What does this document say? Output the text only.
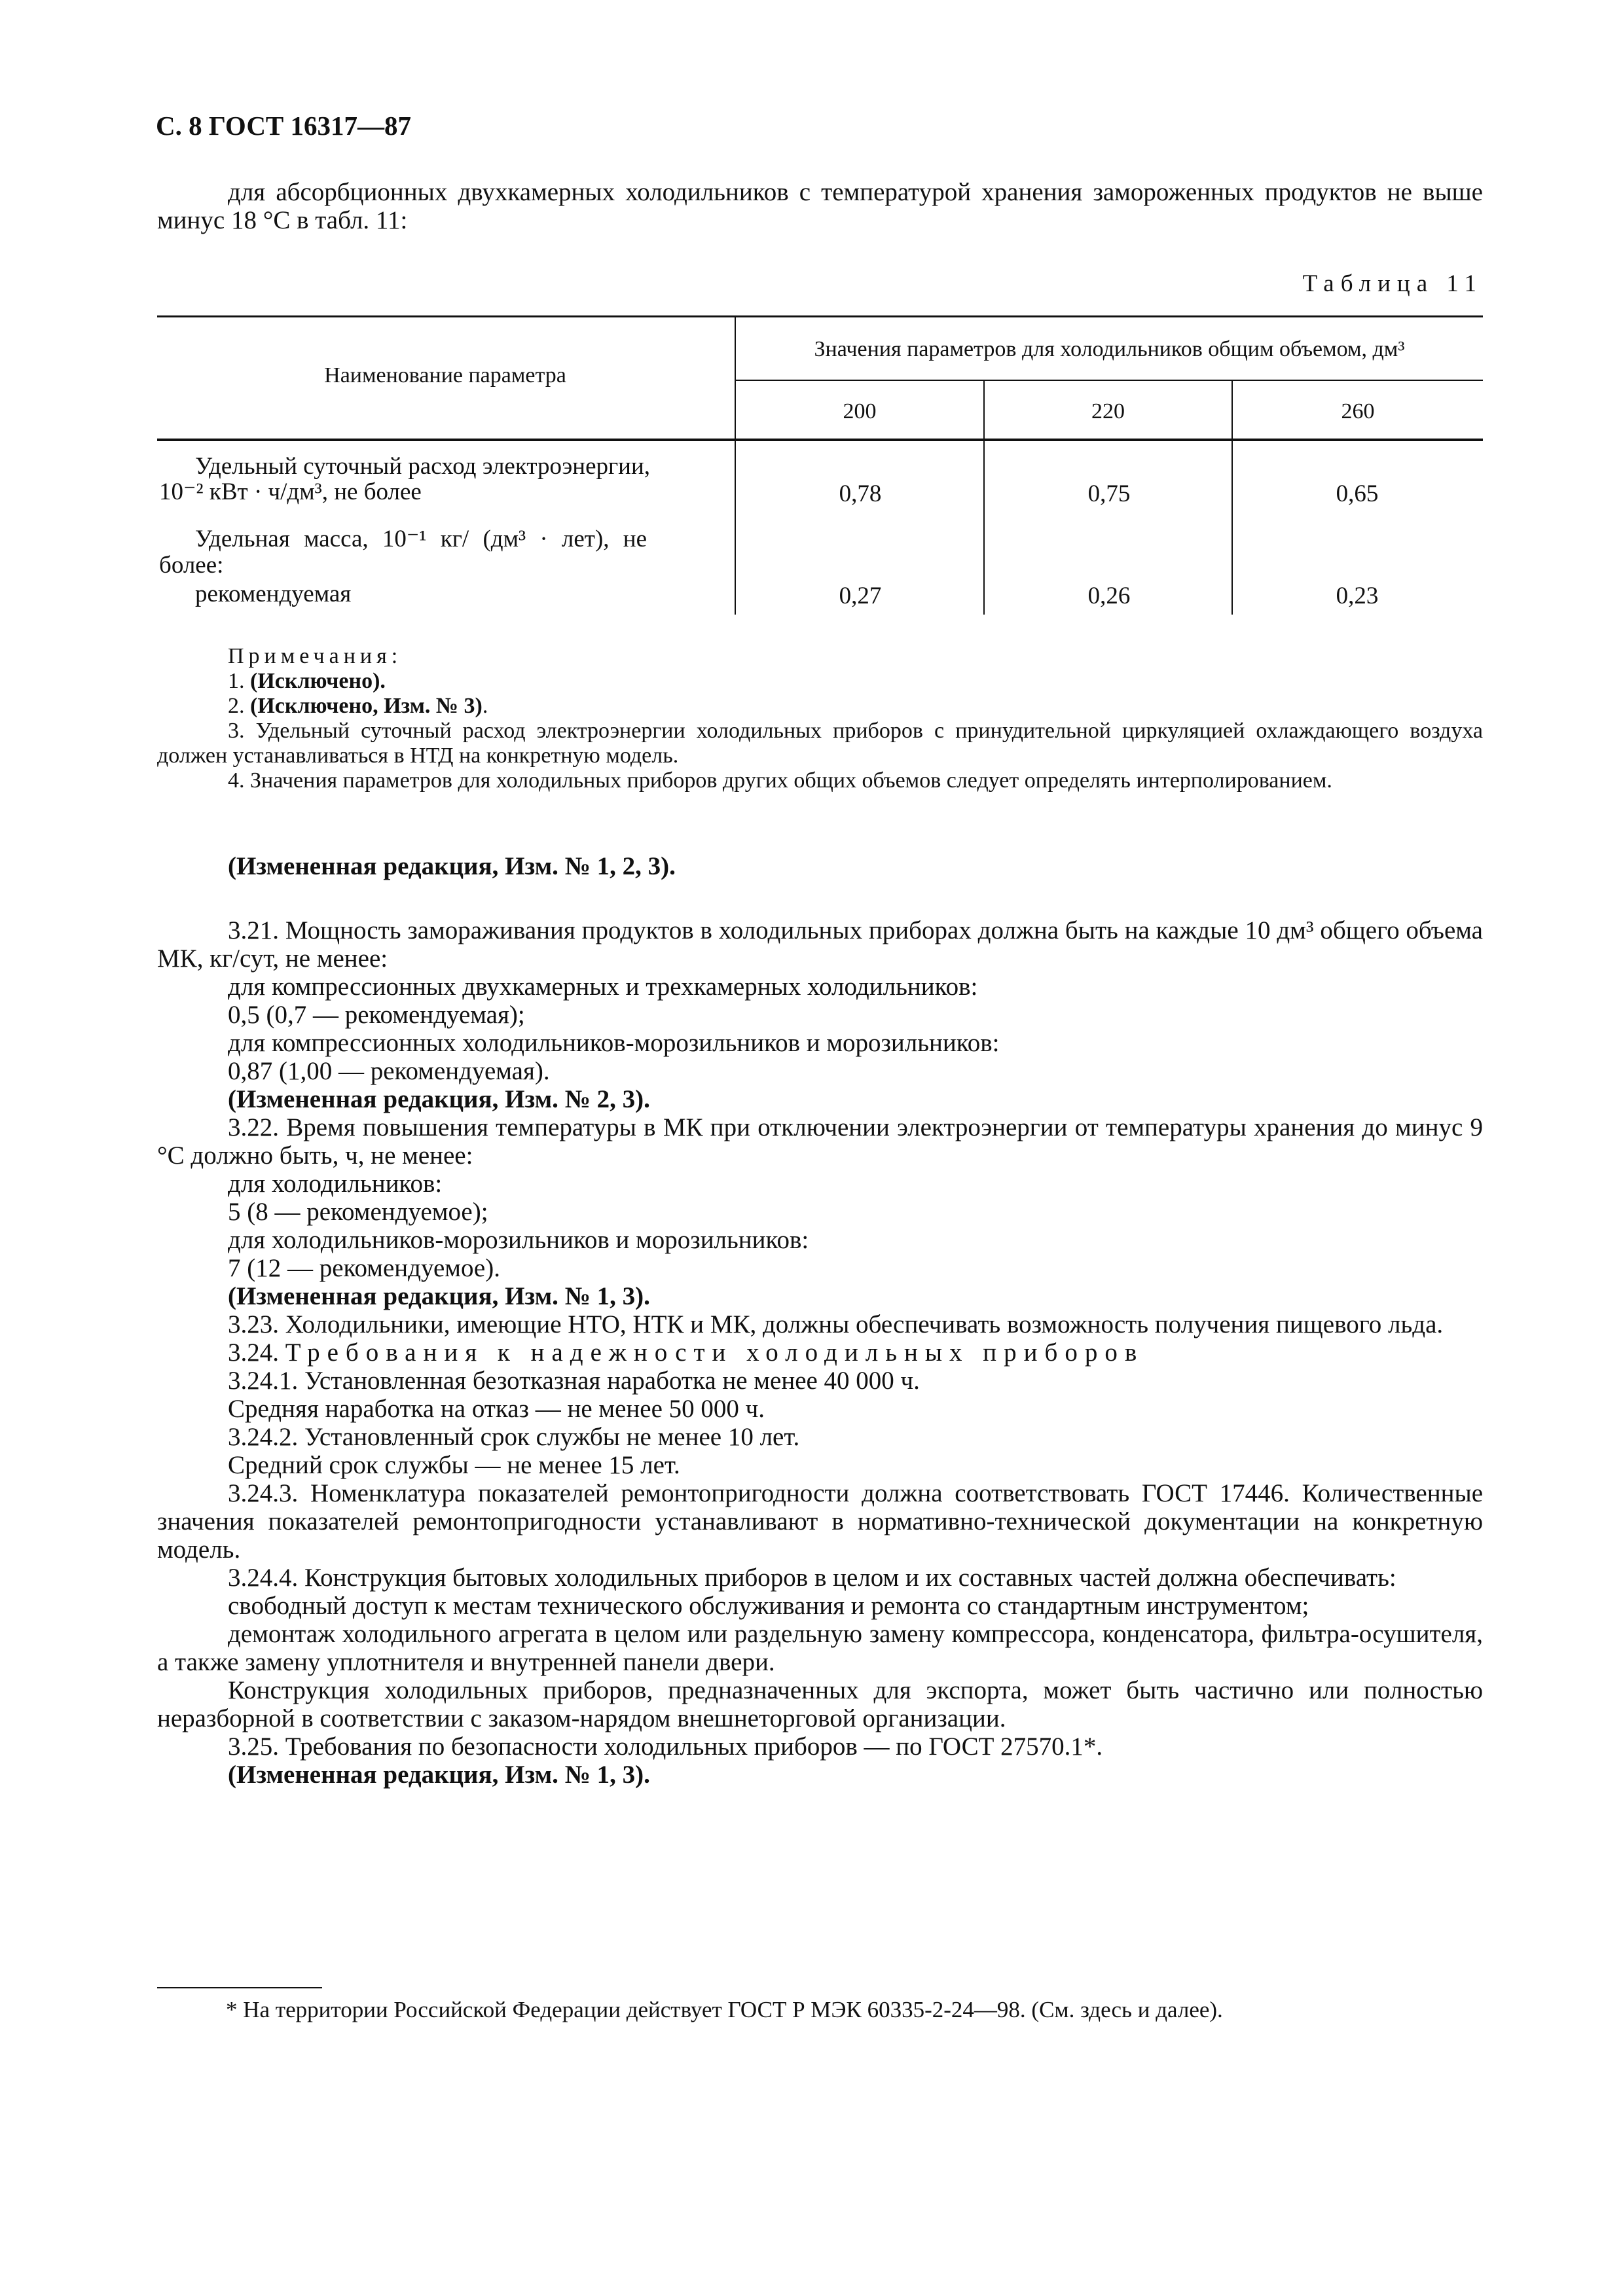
С. 8 ГОСТ 16317—87

для абсорбционных двухкамерных холодильников с температурой хранения замороженных продуктов не выше минус 18 °С в табл. 11:

Таблица 11
Наименование параметра
Значения параметров для холодильников общим объемом, дм³
200	220	260
Удельный суточный расход электроэнергии,
10⁻² кВт · ч/дм³, не более	0,78	0,75	0,65
Удельная масса, 10⁻¹ кг/ (дм³ · лет), не
более:
рекомендуемая	0,27	0,26	0,23

Примечания:

1. (Исключено).

2. (Исключено, Изм. № 3).

3. Удельный суточный расход электроэнергии холодильных приборов с принудительной циркуляцией охлаждающего воздуха должен устанавливаться в НТД на конкретную модель.

4. Значения параметров для холодильных приборов других общих объемов следует определять интерполированием.

(Измененная редакция, Изм. № 1, 2, 3).

3.21. Мощность замораживания продуктов в холодильных приборах должна быть на каждые 10 дм³ общего объема МК, кг/сут, не менее:

для компрессионных двухкамерных и трехкамерных холодильников:

0,5 (0,7 — рекомендуемая);

для компрессионных холодильников-морозильников и морозильников:

0,87 (1,00 — рекомендуемая).

(Измененная редакция, Изм. № 2, 3).

3.22. Время повышения температуры в МК при отключении электроэнергии от температуры хранения до минус 9 °С должно быть, ч, не менее:

для холодильников:

5 (8 — рекомендуемое);

для холодильников-морозильников и морозильников:

7 (12 — рекомендуемое).

(Измененная редакция, Изм. № 1, 3).

3.23. Холодильники, имеющие НТО, НТК и МК, должны обеспечивать возможность получения пищевого льда.

3.24. Требования к надежности холодильных приборов

3.24.1. Установленная безотказная наработка не менее 40 000 ч.

Средняя наработка на отказ — не менее 50 000 ч.

3.24.2. Установленный срок службы не менее 10 лет.

Средний срок службы — не менее 15 лет.

3.24.3. Номенклатура показателей ремонтопригодности должна соответствовать ГОСТ 17446. Количественные значения показателей ремонтопригодности устанавливают в нормативно-технической документации на конкретную модель.

3.24.4. Конструкция бытовых холодильных приборов в целом и их составных частей должна обеспечивать:

свободный доступ к местам технического обслуживания и ремонта со стандартным инструментом;

демонтаж холодильного агрегата в целом или раздельную замену компрессора, конденсатора, фильтра-осушителя, а также замену уплотнителя и внутренней панели двери.

Конструкция холодильных приборов, предназначенных для экспорта, может быть частично или полностью неразборной в соответствии с заказом-нарядом внешнеторговой организации.

3.25. Требования по безопасности холодильных приборов — по ГОСТ 27570.1*.

(Измененная редакция, Изм. № 1, 3).

* На территории Российской Федерации действует ГОСТ Р МЭК 60335-2-24—98. (См. здесь и далее).
